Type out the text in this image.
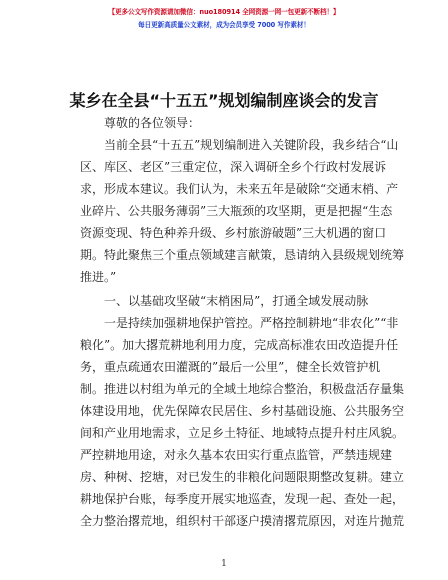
【更多公文写作资源请加微信：nuo180914 全网资源一网一包更新不断档！】
每日更新高质量公文素材，成为会员享受 7000 写作素材！
某乡在全县“十五五”规划编制座谈会的发言
尊敬的各位领导：
当前全县“十五五”规划编制进入关键阶段，我乡结合“山
区、库区、老区”三重定位，深入调研全乡个行政村发展诉
求，形成本建议。我们认为，未来五年是破除“交通末梢、产
业碎片、公共服务薄弱”三大瓶颈的攻坚期，更是把握“生态
资源变现、特色种养升级、乡村旅游破题”三大机遇的窗口
期。特此聚焦三个重点领域建言献策，恳请纳入县级规划统筹
推进。”
一、以基础攻坚破“末梢困局”，打通全域发展动脉
一是持续加强耕地保护管控。严格控制耕地“非农化”“非
粮化”。加大撂荒耕地利用力度，完成高标准农田改造提升任
务，重点疏通农田灌溉的”最后一公里”，健全长效管护机
制。推进以村组为单元的全域土地综合整治，积极盘活存量集
体建设用地，优先保障农民居住、乡村基础设施、公共服务空
间和产业用地需求，立足乡土特征、地域特点提升村庄风貌。
严控耕地用途，对永久基本农田实行重点监管，严禁违规建
房、种树、挖塘，对已发生的非粮化问题限期整改复耕。建立
耕地保护台账，每季度开展实地巡查，发现一起、查处一起，
全力整治撂荒地，组织村干部逐户摸清撂荒原因，对连片抛荒
1
